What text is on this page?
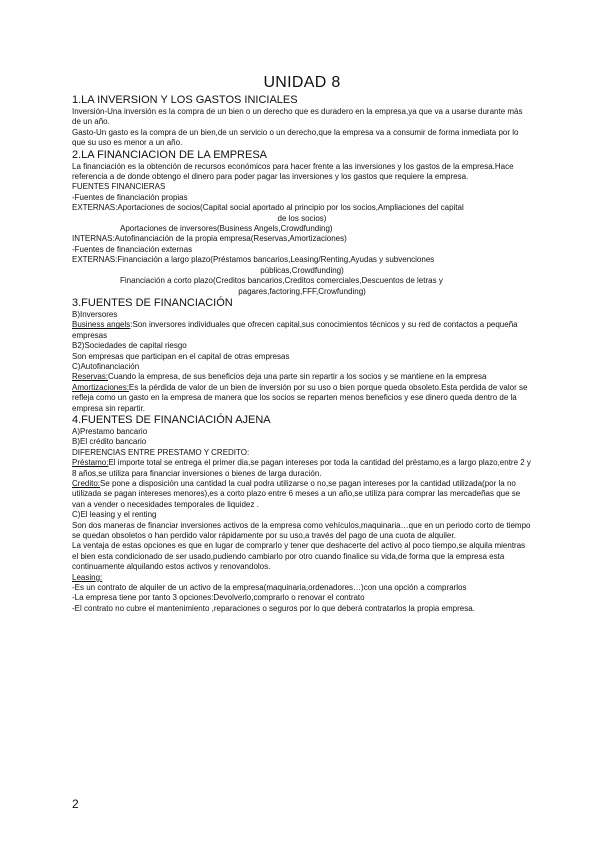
UNIDAD 8
1.LA INVERSION Y LOS GASTOS INICIALES

Inversión-Una inversión es la compra de un bien o un derecho que es duradero en la empresa,ya que va a usarse durante más de un año.

Gasto-Un gasto es la compra de un bien,de un servicio o un derecho,que la empresa va a consumir de forma inmediata por lo que su uso es menor a un año.

2.LA FINANCIACION DE LA EMPRESA

La financiación es la obtención de recursos económicos para hacer frente a las inversiones y los gastos de la empresa.Hace referencia a de donde obtengo el dinero para poder pagar las inversiones y los gastos que requiere la empresa.

FUENTES FINANCIERAS

-Fuentes de financiación propias

EXTERNAS:Aportaciones de socios(Capital social aportado al principio por los socios,Ampliaciones del capital

de los socios)

Aportaciones de inversores(Business Angels,Crowdfunding)

INTERNAS:Autofinanciación de la propia empresa(Reservas,Amortizaciones)

-Fuentes de financiación externas

EXTERNAS:Financiación a largo plazo(Préstamos bancarios,Leasing/Renting,Ayudas y subvenciones

públicas,Crowdfunding)

Financiación a corto plazo(Creditos bancarios,Creditos comerciales,Descuentos de letras y

pagares,factoring,FFF,Crowfunding)

3.FUENTES DE FINANCIACIÓN

B)Inversores

Business angels:Son inversores individuales que ofrecen capital,sus conocimientos técnicos y su red de contactos a pequeña empresas

B2)Sociedades de capital riesgo

Son empresas que participan en el capital de otras empresas

C)Autofinanciación

Reservas:Cuando la empresa, de sus beneficios deja una parte sin repartir a los socios y se mantiene en la empresa

Amortizaciones:Es la pérdida de valor de un bien de inversión por su uso o bien porque queda obsoleto.Esta perdida de valor se refleja como un gasto en la empresa de manera que los socios se reparten menos beneficios y ese dinero queda dentro de la empresa sin repartir.

4.FUENTES DE FINANCIACIÓN AJENA

A)Prestamo bancario

B)El crédito bancario

DIFERENCIAS ENTRE PRESTAMO Y CREDITO:

Préstamo:El importe total se entrega el primer dia,se pagan intereses por toda la cantidad del préstamo,es a largo plazo,entre 2 y 8 años,se utiliza para financiar inversiones o bienes de larga duración.

Credito:Se pone a disposición una cantidad la cual podra utilizarse o no,se pagan intereses por la cantidad utilizada(por la no utilizada se pagan intereses menores),es a corto plazo entre 6 meses a un año,se utiliza para comprar las mercadeñas que se van a vender o necesidades temporales de liquidez .

C)El leasing y el renting

Son dos maneras de financiar inversiones activos de la empresa como vehículos,maquinaria…que en un periodo corto de tiempo se quedan obsoletos o han perdido valor rápidamente por su uso,a través del pago de una cuota de alquiler.

La ventaja de estas opciones es que en lugar de comprarlo y tener que deshacerte del activo al poco tiempo,se alquila mientras el bien esta condicionado de ser usado,pudiendo cambiarlo por otro cuando finalice su vida,de forma que la empresa esta continuamente alquilando estos activos y renovandolos.

Leasing:

-Es un contrato de alquiler de un activo de la empresa(maquinaria,ordenadores…)con una opción a comprarlos

-La empresa tiene por tanto 3 opciones:Devolverlo,comprarlo o renovar el contrato

-El contrato no cubre el mantenimiento ,reparaciones o seguros por lo que deberá contratarlos la propia empresa.

2
